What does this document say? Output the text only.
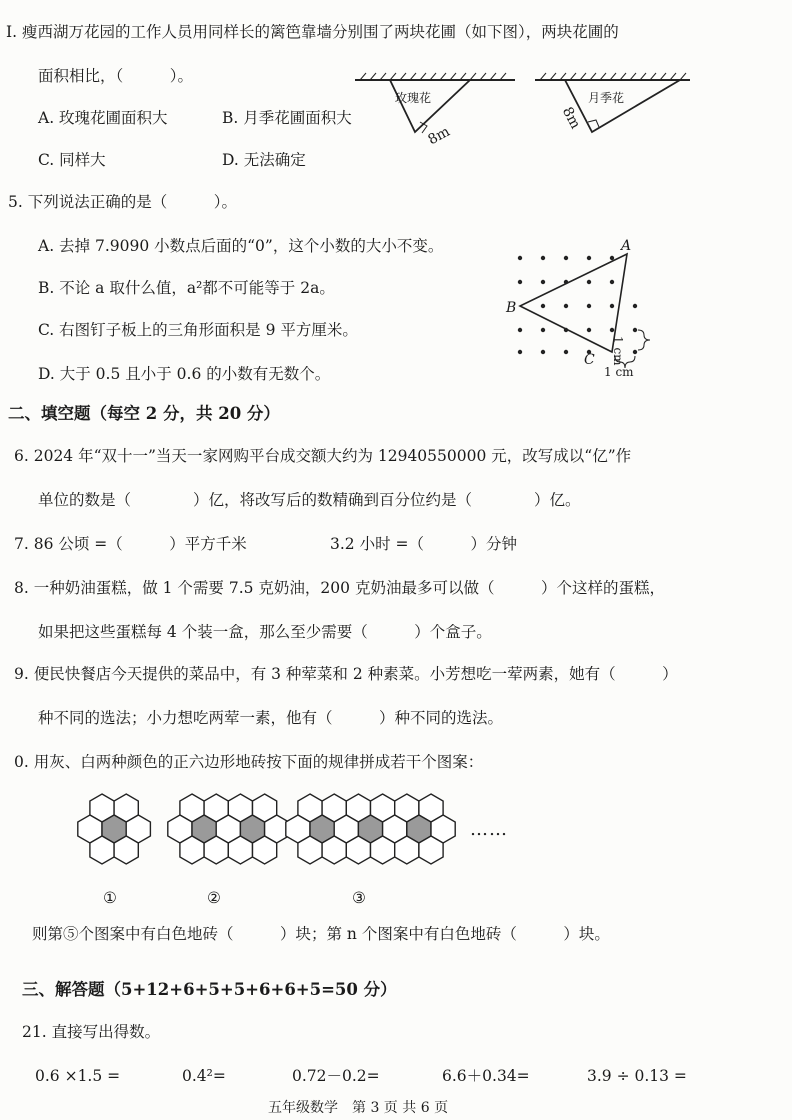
I. 瘦西湖万花园的工作人员用同样长的篱笆靠墙分别围了两块花圃（如下图），两块花圃的
面积相比，（　　　）。
A. 玫瑰花圃面积大	B. 月季花圃面积大
C. 同样大	D. 无法确定
玫瑰花
8m
月季花
8m
5. 下列说法正确的是（　　　）。
A. 去掉 7.9090 小数点后面的“0”，这个小数的大小不变。
B. 不论 a 取什么值，a²都不可能等于 2a。
C. 右图钉子板上的三角形面积是 9 平方厘米。
D. 大于 0.5 且小于 0.6 的小数有无数个。
A
B
C 1 cm
1 cm
二、填空题（每空 2 分，共 20 分）
6. 2024 年“双十一”当天一家网购平台成交额大约为 12940550000 元，改写成以“亿”作
单位的数是（　　　　）亿，将改写后的数精确到百分位约是（　　　　）亿。
7. 86 公顷 =（　　　）平方千米	3.2 小时 =（　　　）分钟
8. 一种奶油蛋糕，做 1 个需要 7.5 克奶油，200 克奶油最多可以做（　　　）个这样的蛋糕，
如果把这些蛋糕每 4 个装一盒，那么至少需要（　　　）个盒子。
9. 便民快餐店今天提供的菜品中，有 3 种荤菜和 2 种素菜。小芳想吃一荤两素，她有（　　　）
种不同的选法；小力想吃两荤一素，他有（　　　）种不同的选法。
0. 用灰、白两种颜色的正六边形地砖按下面的规律拼成若干个图案：
……
①	②	③
则第⑤个图案中有白色地砖（　　　）块；第 n 个图案中有白色地砖（　　　）块。
三、解答题（5+12+6+5+5+6+6+5=50 分）
21. 直接写出得数。
0.6 ×1.5 =	0.4²=	0.72－0.2=	6.6＋0.34=	3.9 ÷ 0.13 =
五年级数学　第 3 页 共 6 页
